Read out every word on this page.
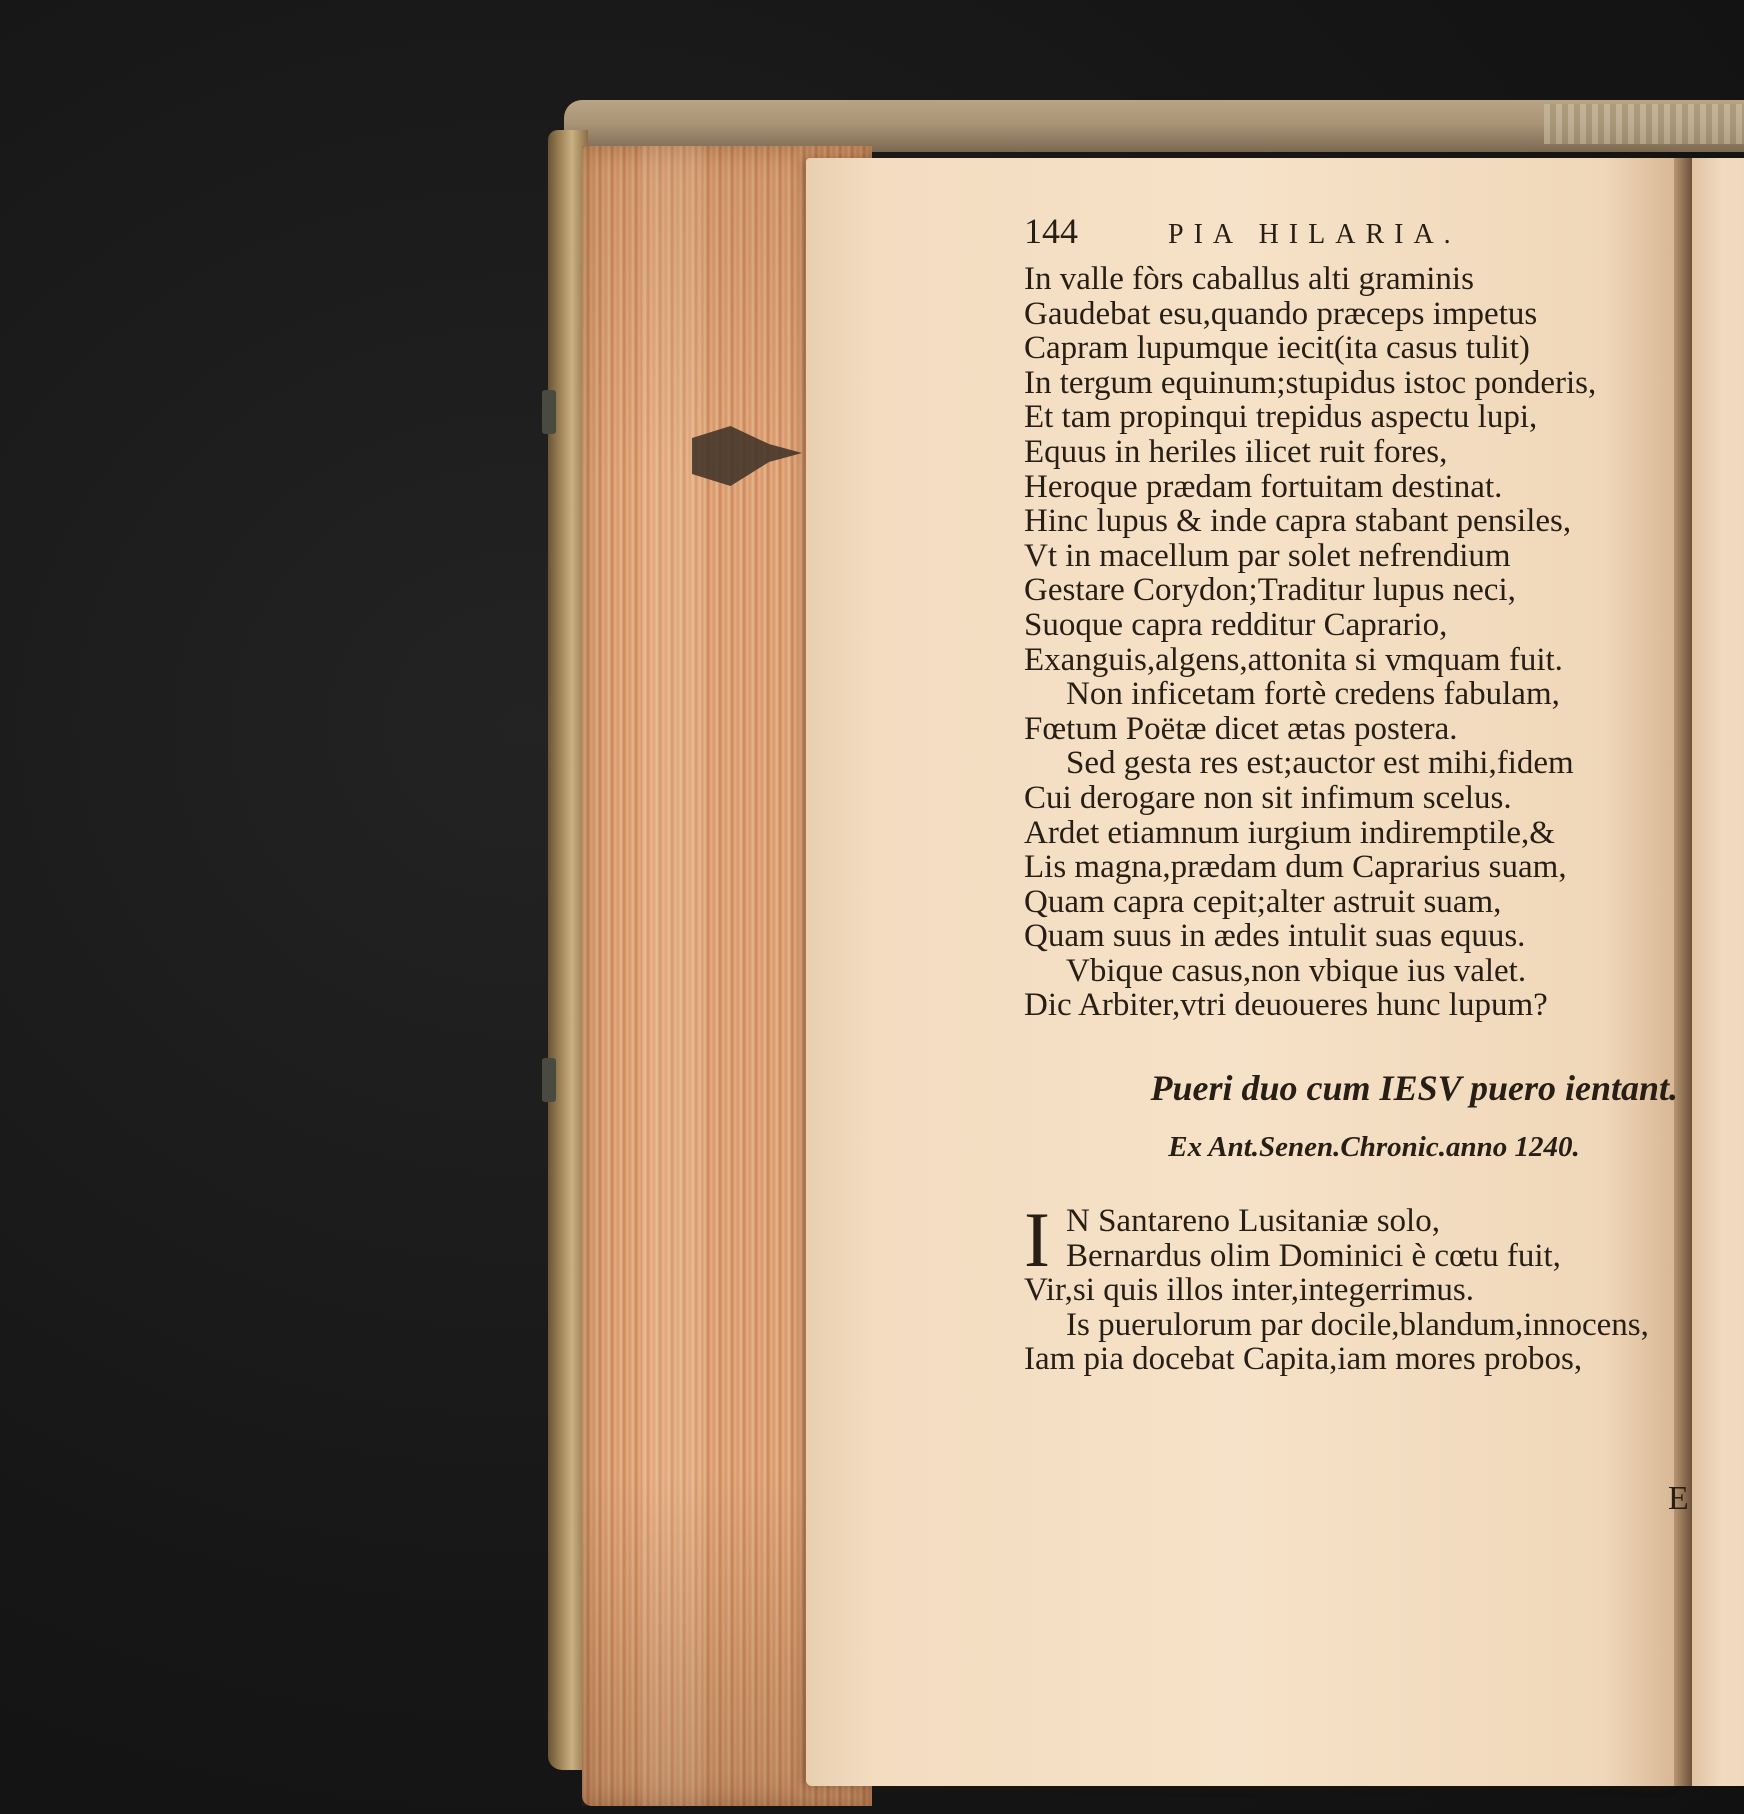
144	PIA HILARIA.
In valle fòrs caballus alti graminis
Gaudebat esu,quando præceps impetus
Capram lupumque iecit(ita casus tulit)
In tergum equinum;stupidus istoc ponderis,
Et tam propinqui trepidus aspectu lupi,
Equus in heriles ilicet ruit fores,
Heroque prædam fortuitam destinat.
Hinc lupus & inde capra stabant pensiles,
Vt in macellum par solet nefrendium
Gestare Corydon;Traditur lupus neci,
Suoque capra redditur Caprario,
Exanguis,algens,attonita si vmquam fuit.
Non inficetam fortè credens fabulam,
Fœtum Poëtæ dicet ætas postera.
Sed gesta res est;auctor est mihi,fidem
Cui derogare non sit infimum scelus.
Ardet etiamnum iurgium indiremptile,&
Lis magna,prædam dum Caprarius suam,
Quam capra cepit;alter astruit suam,
Quam suus in ædes intulit suas equus.
Vbique casus,non vbique ius valet.
Dic Arbiter,vtri deuoueres hunc lupum?
Pueri duo cum IESV puero ientant.
Ex Ant.Senen.Chronic.anno 1240.
I N Santareno Lusitaniæ solo,
Bernardus olim Dominici è cœtu fuit,
Vir,si quis illos inter,integerrimus.
Is puerulorum par docile,blandum,innocens,
Iam pia docebat Capita,iam mores probos,
E
